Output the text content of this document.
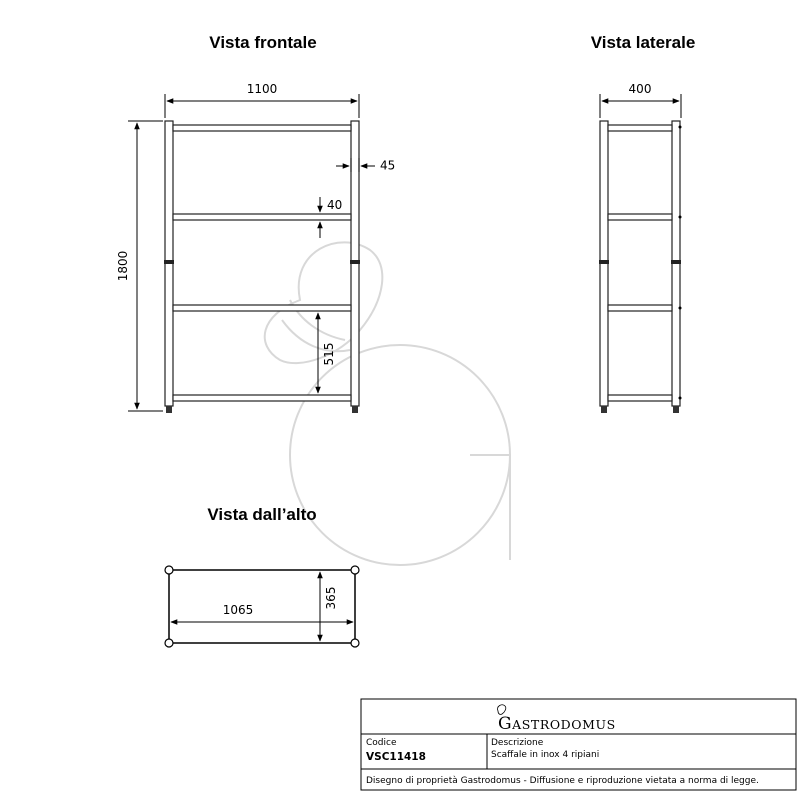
Vista frontale	Vista laterale
Vista dall’alto
1100
1800
45
40
515
400
1065
365
GASTRODOMUS
Codice
VSC11418
Descrizione
Scaffale in inox 4 ripiani
Disegno di proprietà Gastrodomus - Diffusione e riproduzione vietata a norma di legge.
